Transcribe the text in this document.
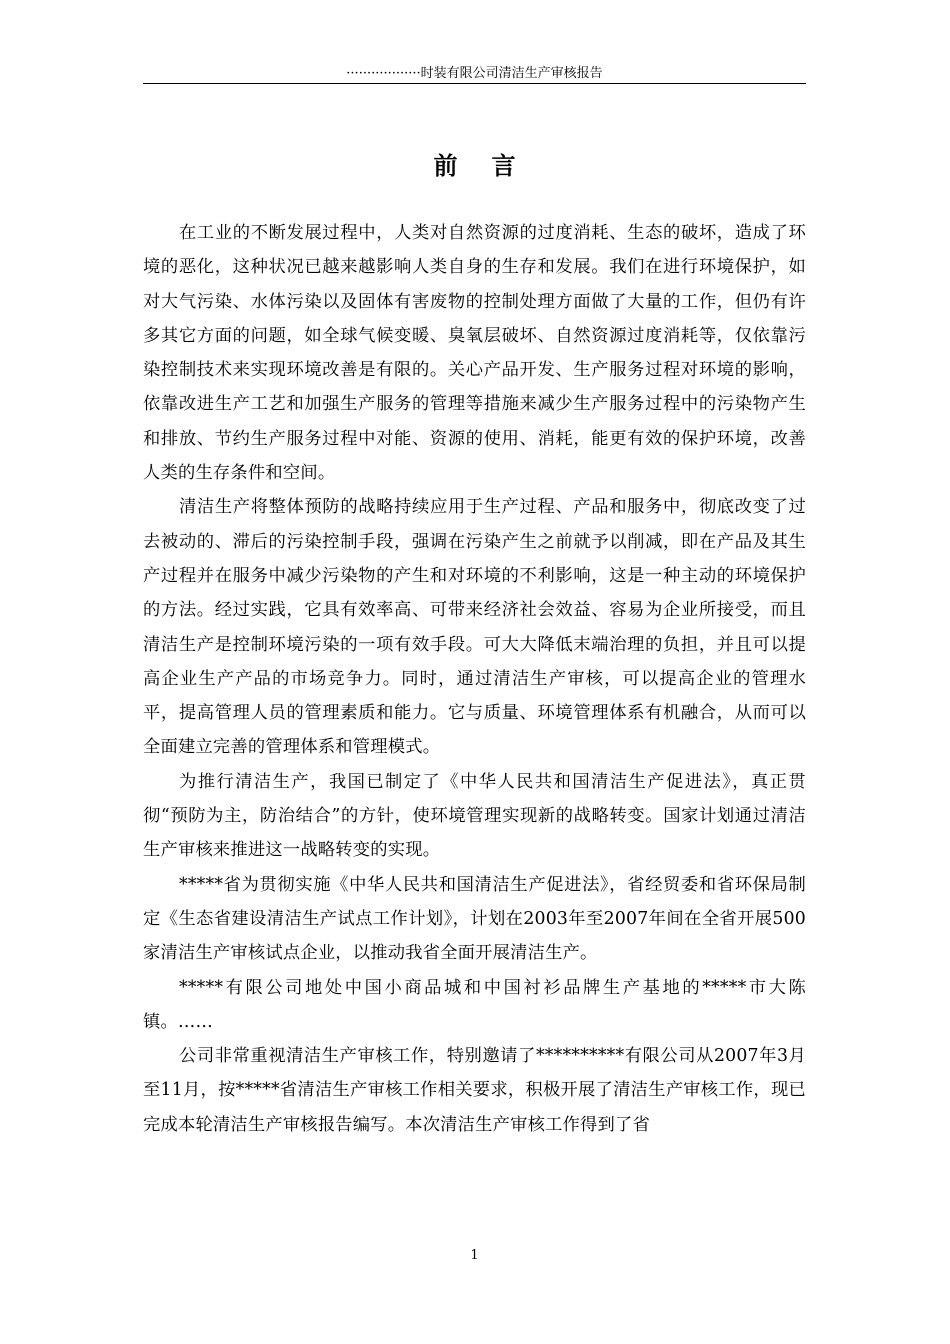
··················时装有限公司清洁生产审核报告
前言

在工业的不断发展过程中，人类对自然资源的过度消耗、生态的破坏，造成了环境的恶化，这种状况已越来越影响人类自身的生存和发展。我们在进行环境保护，如对大气污染、水体污染以及固体有害废物的控制处理方面做了大量的工作，但仍有许多其它方面的问题，如全球气候变暖、臭氧层破坏、自然资源过度消耗等，仅依靠污染控制技术来实现环境改善是有限的。关心产品开发、生产服务过程对环境的影响，依靠改进生产工艺和加强生产服务的管理等措施来减少生产服务过程中的污染物产生和排放、节约生产服务过程中对能、资源的使用、消耗，能更有效的保护环境，改善人类的生存条件和空间。

清洁生产将整体预防的战略持续应用于生产过程、产品和服务中，彻底改变了过去被动的、滞后的污染控制手段，强调在污染产生之前就予以削减，即在产品及其生产过程并在服务中减少污染物的产生和对环境的不利影响，这是一种主动的环境保护的方法。经过实践，它具有效率高、可带来经济社会效益、容易为企业所接受，而且清洁生产是控制环境污染的一项有效手段。可大大降低末端治理的负担，并且可以提高企业生产产品的市场竞争力。同时，通过清洁生产审核，可以提高企业的管理水平，提高管理人员的管理素质和能力。它与质量、环境管理体系有机融合，从而可以全面建立完善的管理体系和管理模式。

为推行清洁生产，我国已制定了《中华人民共和国清洁生产促进法》，真正贯彻“预防为主，防治结合”的方针，使环境管理实现新的战略转变。国家计划通过清洁生产审核来推进这一战略转变的实现。

*****省为贯彻实施《中华人民共和国清洁生产促进法》，省经贸委和省环保局制定《生态省建设清洁生产试点工作计划》，计划在2003年至2007年间在全省开展500家清洁生产审核试点企业，以推动我省全面开展清洁生产。

*****有限公司地处中国小商品城和中国衬衫品牌生产基地的*****市大陈镇。……

公司非常重视清洁生产审核工作，特别邀请了**********有限公司从2007年3月至11月，按*****省清洁生产审核工作相关要求，积极开展了清洁生产审核工作，现已完成本轮清洁生产审核报告编写。本次清洁生产审核工作得到了省

1
